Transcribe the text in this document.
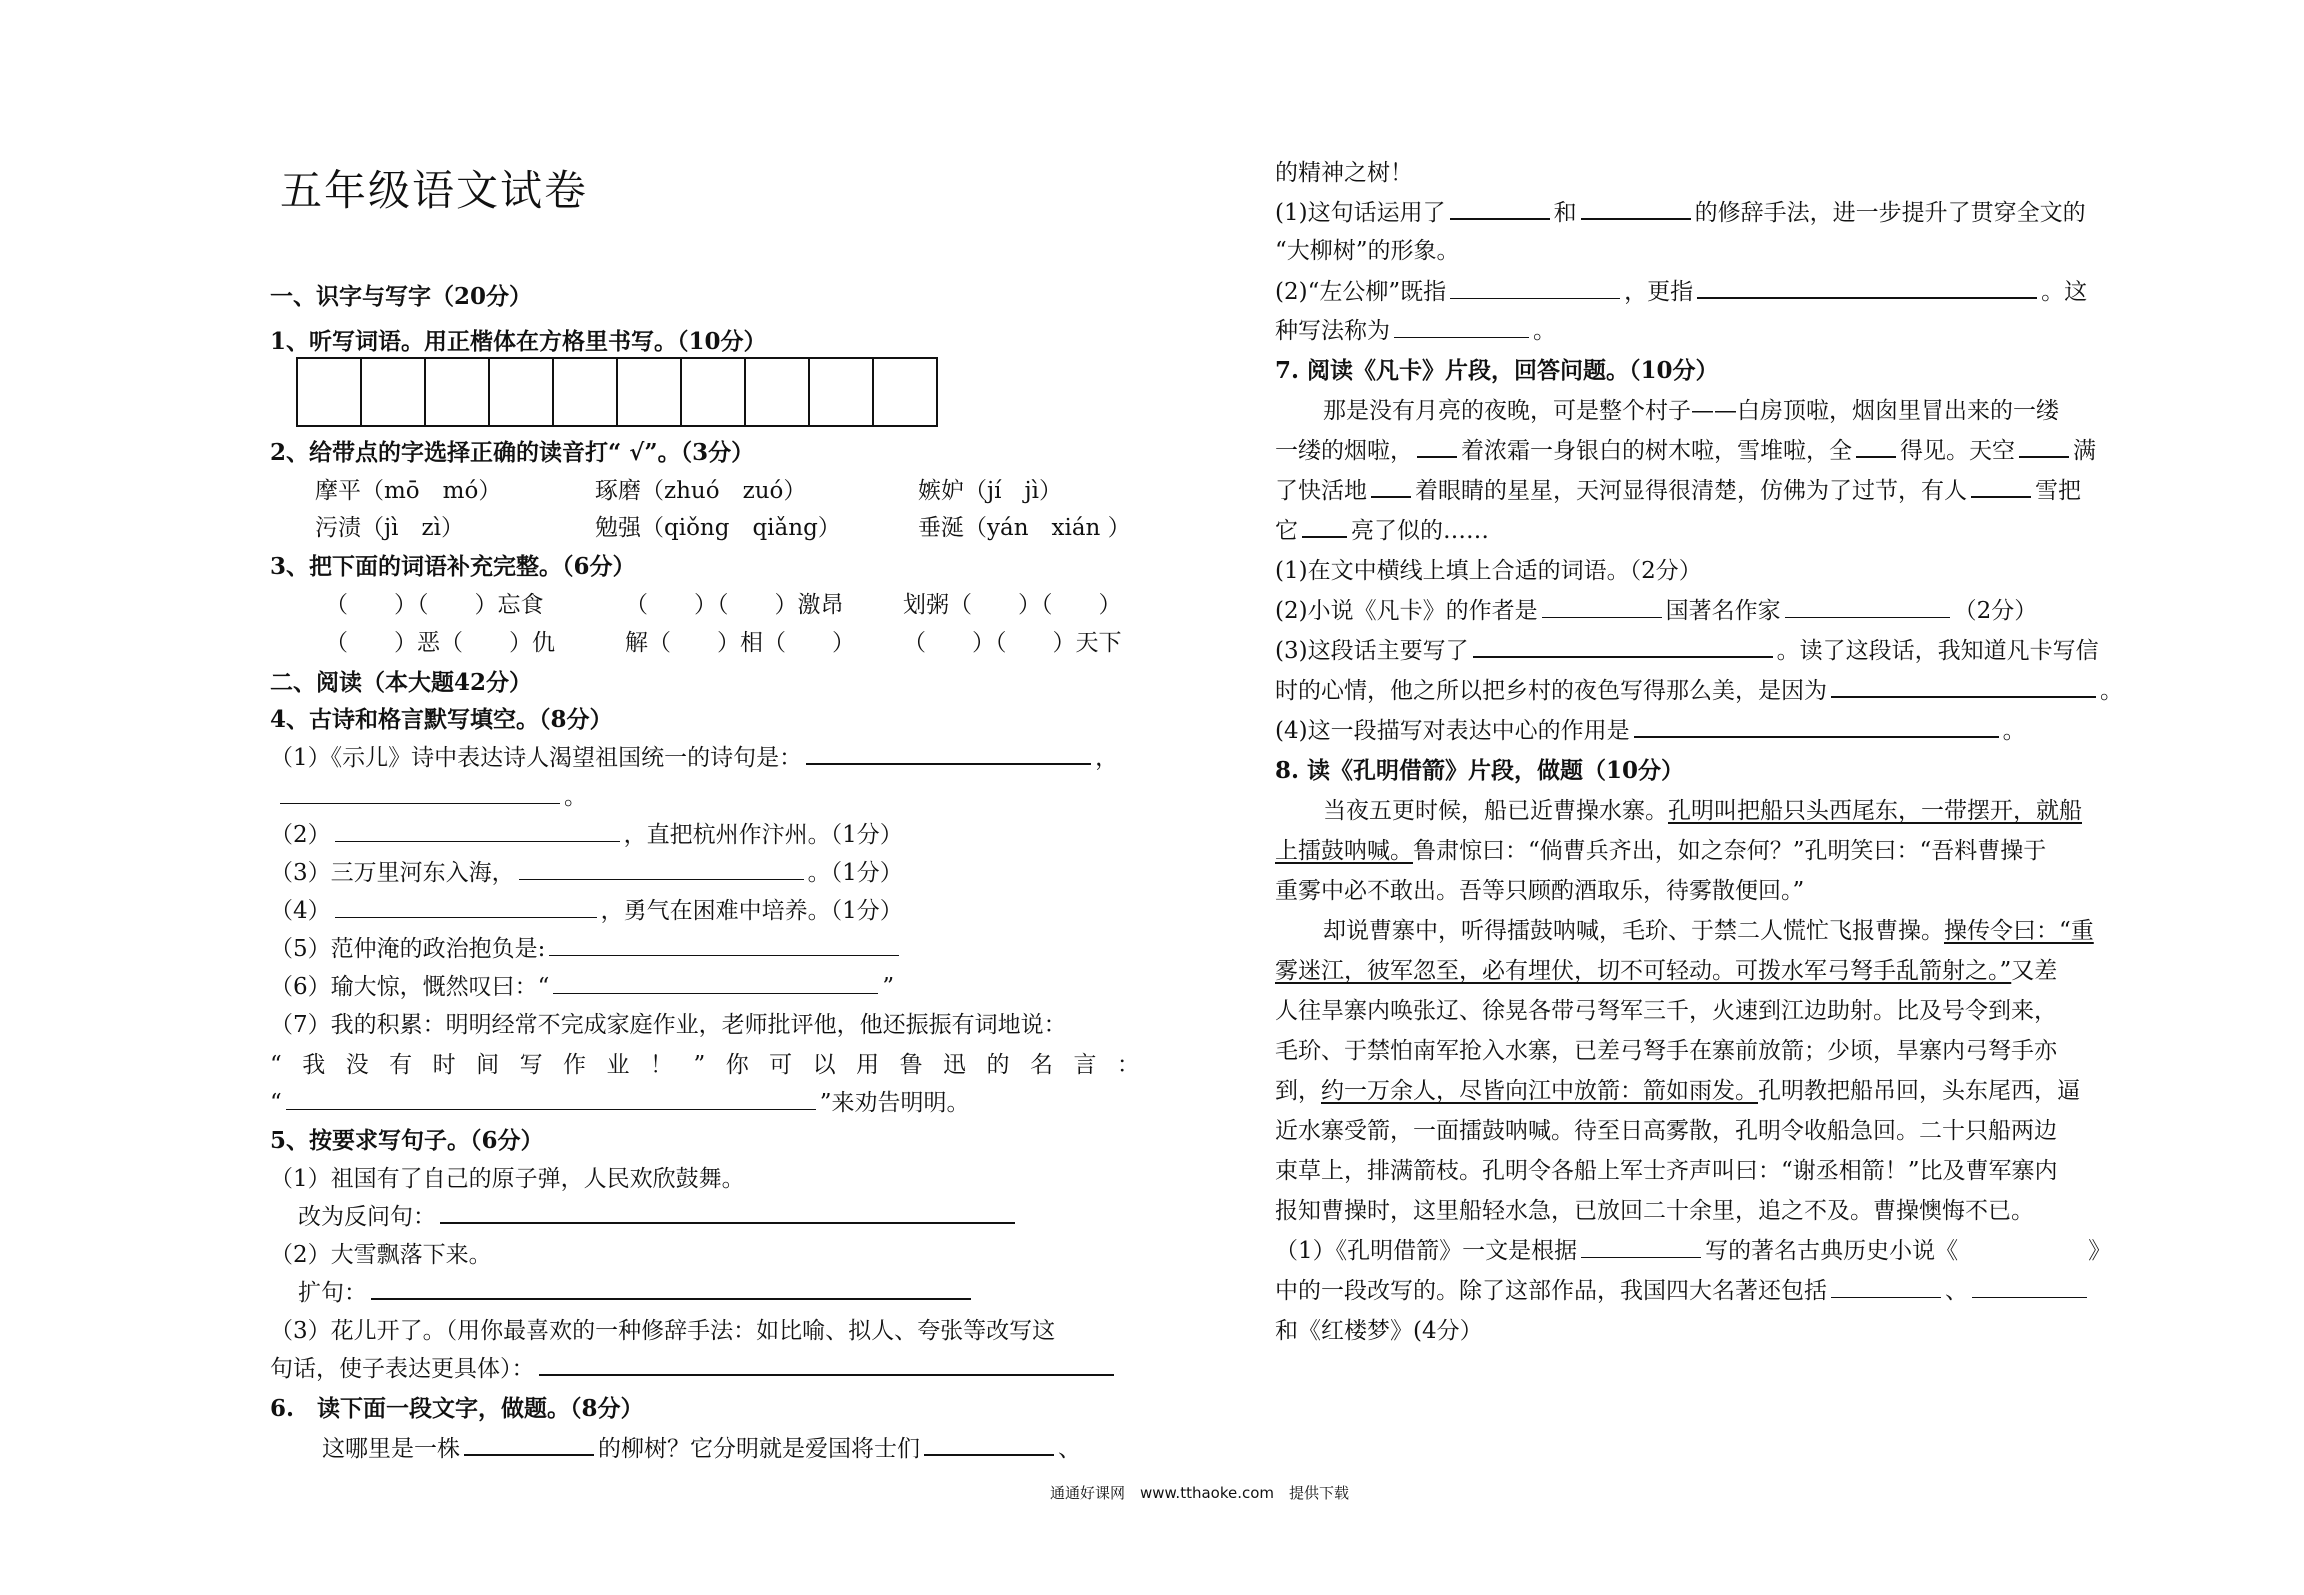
五年级语文试卷
一、识字与写字（20分）
1、听写词语。用正楷体在方格里书写。（10分）
2、给带点的字选择正确的读音打“ √”。（3分）
摩平（mō　mó）	琢磨（zhuó　zuó）	嫉妒（jí　jì）
污渍（jì　zì）	勉强（qiǒng　qiǎng）	垂涎（yán　xián ）
3、把下面的词语补充完整。（6分）
（　　）（　　）忘食	（　　）（　　）激昂	划粥（　　）（　　）
（　　）恶（　　）仇	解（　　）相（　　） （　　）（　　）天下
二、阅读（本大题42分）
4、古诗和格言默写填空。（8分）
（1）《示儿》诗中表达诗人渴望祖国统一的诗句是：	，
。
（2）	，直把杭州作汴州。（1分）
（3）三万里河东入海，	。（1分）
（4）	，勇气在困难中培养。（1分）
（5）范仲淹的政治抱负是:
（6）瑜大惊，慨然叹曰：“	”
（7）我的积累：明明经常不完成家庭作业，老师批评他，他还振振有词地说：
“ 我 没 有 时 间 写 作 业 ！ ” 你 可 以 用 鲁 迅 的 名 言 ：
“	”来劝告明明。
5、按要求写句子。（6分）
（1）祖国有了自己的原子弹，人民欢欣鼓舞。
改为反问句：
（2）大雪飘落下来。
扩句：
（3）花儿开了。（用你最喜欢的一种修辞手法：如比喻、拟人、夸张等改写这
句话，使子表达更具体）：
6.　读下面一段文字，做题。（8分）
这哪里是一株	的柳树？它分明就是爱国将士们	、
的精神之树！
(1)这句话运用了	和	的修辞手法，进一步提升了贯穿全文的
“大柳树”的形象。
(2)“左公柳”既指	，更指	。这
种写法称为	。
7. 阅读《凡卡》片段，回答问题。（10分）
那是没有月亮的夜晚，可是整个村子——白房顶啦，烟囱里冒出来的一缕
一缕的烟啦， 着浓霜一身银白的树木啦，雪堆啦，全 得见。天空	满
了快活地 着眼睛的星星，天河显得很清楚，仿佛为了过节，有人	雪把
它 亮了似的……
(1)在文中横线上填上合适的词语。（2分）
(2)小说《凡卡》的作者是	国著名作家	（2分）
(3)这段话主要写了	。读了这段话，我知道凡卡写信
时的心情，他之所以把乡村的夜色写得那么美，是因为	。
(4)这一段描写对表达中心的作用是	。
8. 读《孔明借箭》片段，做题（10分）
当夜五更时候，船已近曹操水寨。孔明叫把船只头西尾东，一带摆开，就船
上擂鼓呐喊。鲁肃惊曰：“倘曹兵齐出，如之奈何？”孔明笑曰：“吾料曹操于
重雾中必不敢出。吾等只顾酌酒取乐，待雾散便回。”
却说曹寨中，听得擂鼓呐喊，毛玠、于禁二人慌忙飞报曹操。操传令曰：“重
雾迷江，彼军忽至，必有埋伏，切不可轻动。可拨水军弓弩手乱箭射之。”又差
人往旱寨内唤张辽、徐晃各带弓弩军三千，火速到江边助射。比及号令到来，
毛玠、于禁怕南军抢入水寨，已差弓弩手在寨前放箭；少顷，旱寨内弓弩手亦
到，约一万余人，尽皆向江中放箭：箭如雨发。孔明教把船吊回，头东尾西，逼
近水寨受箭，一面擂鼓呐喊。待至日高雾散，孔明令收船急回。二十只船两边
束草上，排满箭枝。孔明令各船上军士齐声叫曰：“谢丞相箭！”比及曹军寨内
报知曹操时，这里船轻水急，已放回二十余里，追之不及。曹操懊悔不已。
（1）《孔明借箭》一文是根据	写的著名古典历史小说《	》
中的一段改写的。除了这部作品，我国四大名著还包括	、
和《红楼梦》(4分）
通通好课网　www.tthaoke.com　提供下载
